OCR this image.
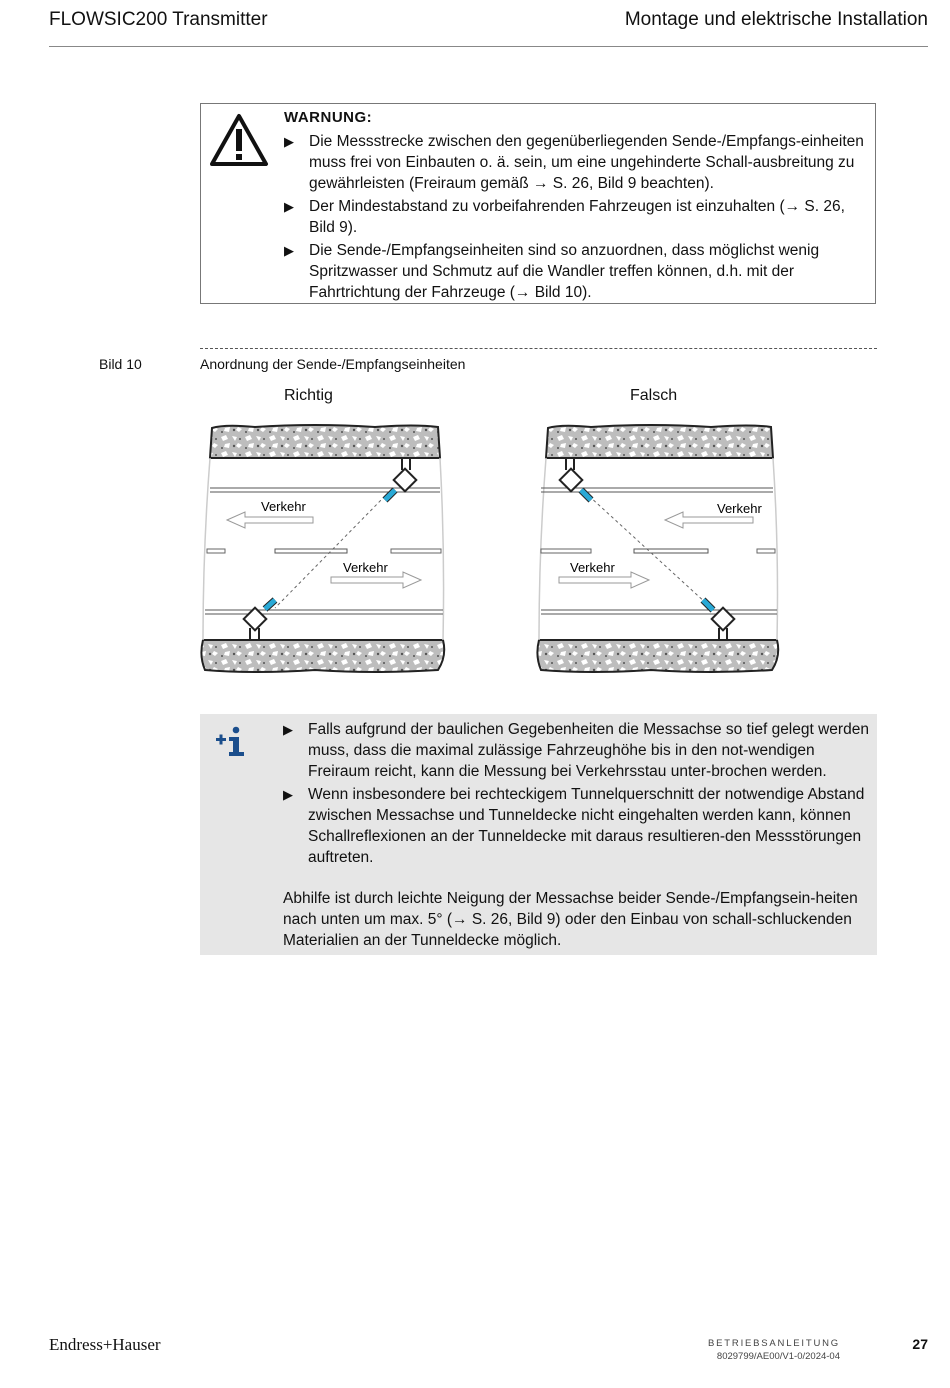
FLOWSIC200 Transmitter	Montage und elektrische Installation
WARNUNG:
▶ Die Messstrecke zwischen den gegenüberliegenden Sende-/Empfangs-einheiten muss frei von Einbauten o. ä. sein, um eine ungehinderte Schall-ausbreitung zu gewährleisten (Freiraum gemäß → S. 26, Bild 9 beachten).
▶ Der Mindestabstand zu vorbeifahrenden Fahrzeugen ist einzuhalten (→ S. 26, Bild 9).
▶ Die Sende-/Empfangseinheiten sind so anzuordnen, dass möglichst wenig Spritzwasser und Schmutz auf die Wandler treffen können, d.h. mit der Fahrtrichtung der Fahrzeuge (→ Bild 10).
Bild 10	Anordnung der Sende-/Empfangseinheiten
Richtig	Falsch
Verkehr
Verkehr
Verkehr
Verkehr
▶ Falls aufgrund der baulichen Gegebenheiten die Messachse so tief gelegt werden muss, dass die maximal zulässige Fahrzeughöhe bis in den not-wendigen Freiraum reicht, kann die Messung bei Verkehrsstau unter-brochen werden.
▶ Wenn insbesondere bei rechteckigem Tunnelquerschnitt der notwendige Abstand zwischen Messachse und Tunneldecke nicht eingehalten werden kann, können Schallreflexionen an der Tunneldecke mit daraus resultieren-den Messstörungen auftreten.
Abhilfe ist durch leichte Neigung der Messachse beider Sende-/Empfangsein-heiten nach unten um max. 5° (→ S. 26, Bild 9) oder den Einbau von schall-schluckenden Materialien an der Tunneldecke möglich.
Endress+Hauser	BETRIEBSANLEITUNG
8029799/AE00/V1-0/2024-04
27
